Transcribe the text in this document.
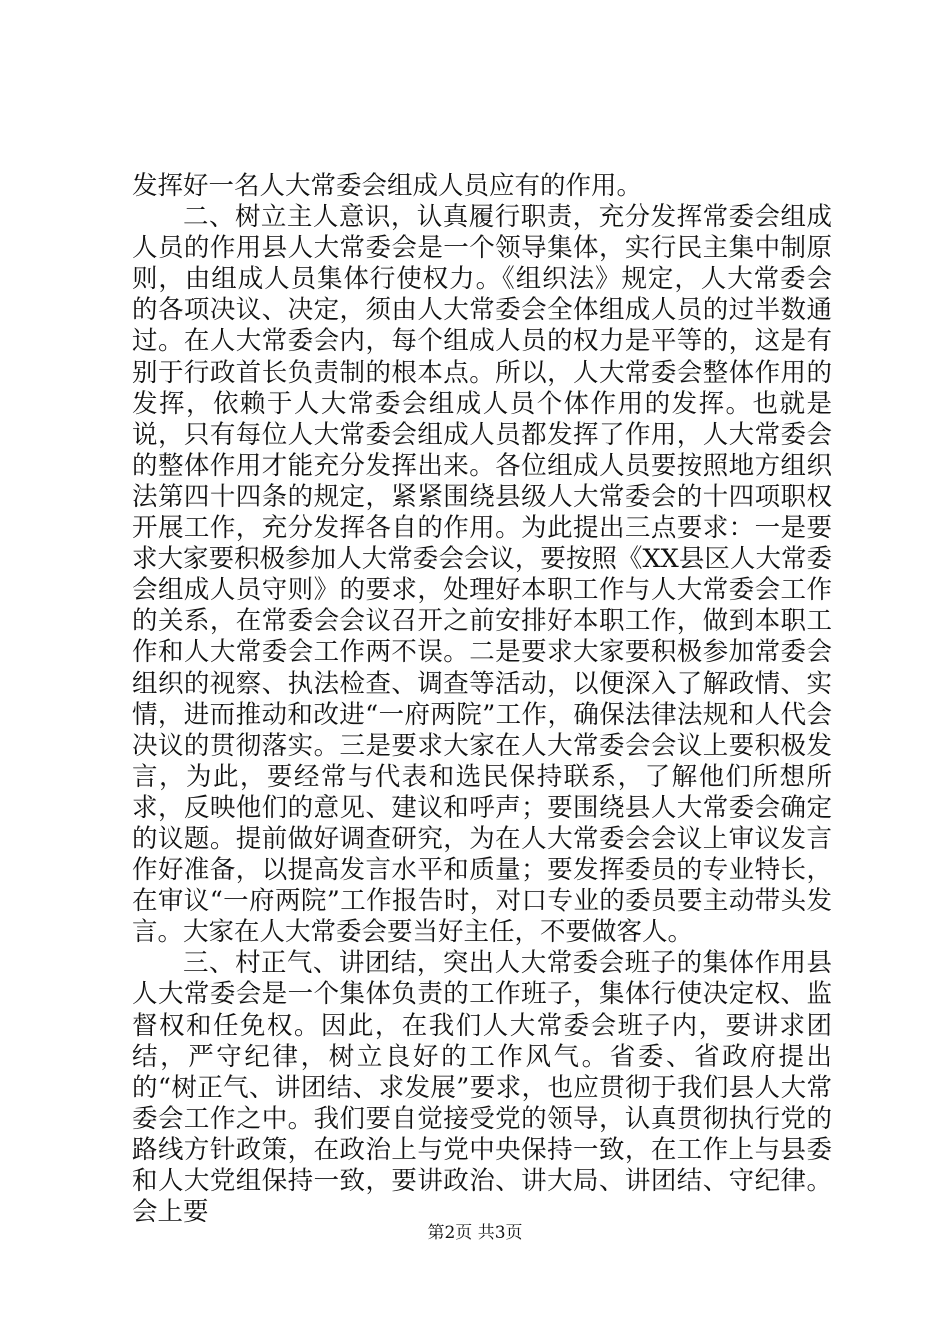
发挥好一名人大常委会组成人员应有的作用。

二、树立主人意识，认真履行职责，充分发挥常委会组成人员的作用县人大常委会是一个领导集体，实行民主集中制原则，由组成人员集体行使权力。《组织法》规定，人大常委会的各项决议、决定，须由人大常委会全体组成人员的过半数通过。在人大常委会内，每个组成人员的权力是平等的，这是有别于行政首长负责制的根本点。所以，人大常委会整体作用的发挥，依赖于人大常委会组成人员个体作用的发挥。也就是说，只有每位人大常委会组成人员都发挥了作用，人大常委会的整体作用才能充分发挥出来。各位组成人员要按照地方组织法第四十四条的规定，紧紧围绕县级人大常委会的十四项职权开展工作，充分发挥各自的作用。为此提出三点要求：一是要求大家要积极参加人大常委会会议，要按照《XX县区人大常委会组成人员守则》的要求，处理好本职工作与人大常委会工作的关系，在常委会会议召开之前安排好本职工作，做到本职工作和人大常委会工作两不误。二是要求大家要积极参加常委会组织的视察、执法检查、调查等活动，以便深入了解政情、实情，进而推动和改进“一府两院”工作，确保法律法规和人代会决议的贯彻落实。三是要求大家在人大常委会会议上要积极发言，为此，要经常与代表和选民保持联系，了解他们所想所求，反映他们的意见、建议和呼声；要围绕县人大常委会确定的议题。提前做好调查研究，为在人大常委会会议上审议发言作好准备，以提高发言水平和质量；要发挥委员的专业特长，在审议“一府两院”工作报告时，对口专业的委员要主动带头发言。大家在人大常委会要当好主任，不要做客人。

三、村正气、讲团结，突出人大常委会班子的集体作用县人大常委会是一个集体负责的工作班子，集体行使决定权、监督权和任免权。因此，在我们人大常委会班子内，要讲求团结，严守纪律，树立良好的工作风气。省委、省政府提出的“树正气、讲团结、求发展”要求，也应贯彻于我们县人大常委会工作之中。我们要自觉接受党的领导，认真贯彻执行党的路线方针政策，在政治上与党中央保持一致，在工作上与县委和人大党组保持一致，要讲政治、讲大局、讲团结、守纪律。会上要

第2页 共3页
